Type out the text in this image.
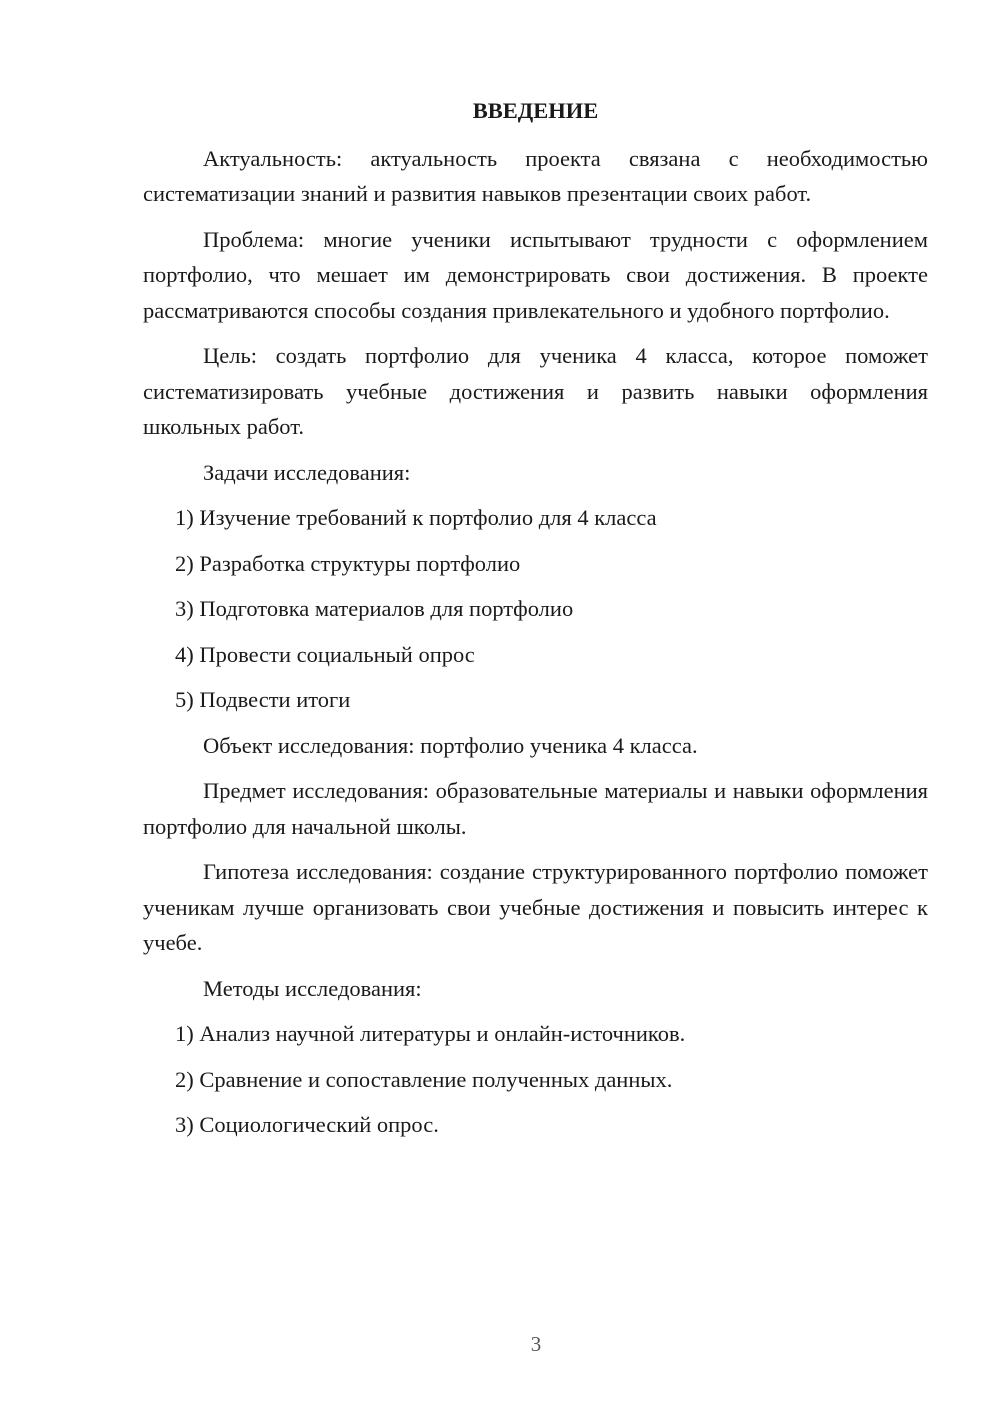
ВВЕДЕНИЕ

Актуальность: актуальность проекта связана с необходимостью систематизации знаний и развития навыков презентации своих работ.

Проблема: многие ученики испытывают трудности с оформлением портфолио, что мешает им демонстрировать свои достижения. В проекте рассматриваются способы создания привлекательного и удобного портфолио.

Цель: создать портфолио для ученика 4 класса, которое поможет систематизировать учебные достижения и развить навыки оформления школьных работ.

Задачи исследования:

1) Изучение требований к портфолио для 4 класса

2) Разработка структуры портфолио

3) Подготовка материалов для портфолио

4) Провести социальный опрос

5) Подвести итоги

Объект исследования: портфолио ученика 4 класса.

Предмет исследования: образовательные материалы и навыки оформления портфолио для начальной школы.

Гипотеза исследования: создание структурированного портфолио поможет ученикам лучше организовать свои учебные достижения и повысить интерес к учебе.

Методы исследования:

1) Анализ научной литературы и онлайн-источников.

2) Сравнение и сопоставление полученных данных.

3) Социологический опрос.

3
